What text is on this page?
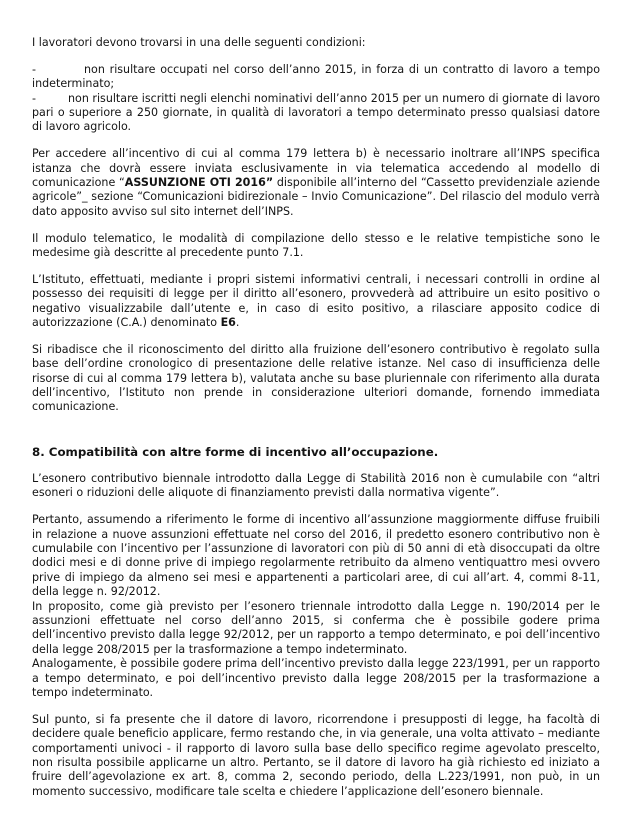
I lavoratori devono trovarsi in una delle seguenti condizioni:

-	non risultare occupati nel corso dell’anno 2015, in forza di un contratto di lavoro a tempo indeterminato;

-	non risultare iscritti negli elenchi nominativi dell’anno 2015 per un numero di giornate di lavoro pari o superiore a 250 giornate, in qualità di lavoratori a tempo determinato presso qualsiasi datore di lavoro agricolo.

Per accedere all’incentivo di cui al comma 179 lettera b) è necessario inoltrare all’INPS specifica istanza che dovrà essere inviata esclusivamente in via telematica accedendo al modello di comunicazione “ASSUNZIONE OTI 2016” disponibile all’interno del “Cassetto previdenziale aziende agricole”_ sezione “Comunicazioni bidirezionale – Invio Comunicazione”. Del rilascio del modulo verrà dato apposito avviso sul sito internet dell’INPS.

Il modulo telematico, le modalità di compilazione dello stesso e le relative tempistiche sono le medesime già descritte al precedente punto 7.1.

L’Istituto, effettuati, mediante i propri sistemi informativi centrali, i necessari controlli in ordine al possesso dei requisiti di legge per il diritto all’esonero, provvederà ad attribuire un esito positivo o negativo visualizzabile dall’utente e, in caso di esito positivo, a rilasciare apposito codice di autorizzazione (C.A.) denominato E6.

Si ribadisce che il riconoscimento del diritto alla fruizione dell’esonero contributivo è regolato sulla base dell’ordine cronologico di presentazione delle relative istanze. Nel caso di insufficienza delle risorse di cui al comma 179 lettera b), valutata anche su base pluriennale con riferimento alla durata dell’incentivo, l’Istituto non prende in considerazione ulteriori domande, fornendo immediata comunicazione.

8. Compatibilità con altre forme di incentivo all’occupazione.

L’esonero contributivo biennale introdotto dalla Legge di Stabilità 2016 non è cumulabile con “altri esoneri o riduzioni delle aliquote di finanziamento previsti dalla normativa vigente”.

Pertanto, assumendo a riferimento le forme di incentivo all’assunzione maggiormente diffuse fruibili in relazione a nuove assunzioni effettuate nel corso del 2016, il predetto esonero contributivo non è cumulabile con l’incentivo per l’assunzione di lavoratori con più di 50 anni di età disoccupati da oltre dodici mesi e di donne prive di impiego regolarmente retribuito da almeno ventiquattro mesi ovvero prive di impiego da almeno sei mesi e appartenenti a particolari aree, di cui all’art. 4, commi 8-11, della legge n. 92/2012.

In proposito, come già previsto per l’esonero triennale introdotto dalla Legge n. 190/2014 per le assunzioni effettuate nel corso dell’anno 2015, si conferma che è possibile godere prima dell’incentivo previsto dalla legge 92/2012, per un rapporto a tempo determinato, e poi dell’incentivo della legge 208/2015 per la trasformazione a tempo indeterminato.

Analogamente, è possibile godere prima dell’incentivo previsto dalla legge 223/1991, per un rapporto a tempo determinato, e poi dell’incentivo previsto dalla legge 208/2015 per la trasformazione a tempo indeterminato.

Sul punto, si fa presente che il datore di lavoro, ricorrendone i presupposti di legge, ha facoltà di decidere quale beneficio applicare, fermo restando che, in via generale, una volta attivato – mediante comportamenti univoci - il rapporto di lavoro sulla base dello specifico regime agevolato prescelto, non risulta possibile applicarne un altro. Pertanto, se il datore di lavoro ha già richiesto ed iniziato a fruire dell’agevolazione ex art. 8, comma 2, secondo periodo, della L.223/1991, non può, in un momento successivo, modificare tale scelta e chiedere l’applicazione dell’esonero biennale.
